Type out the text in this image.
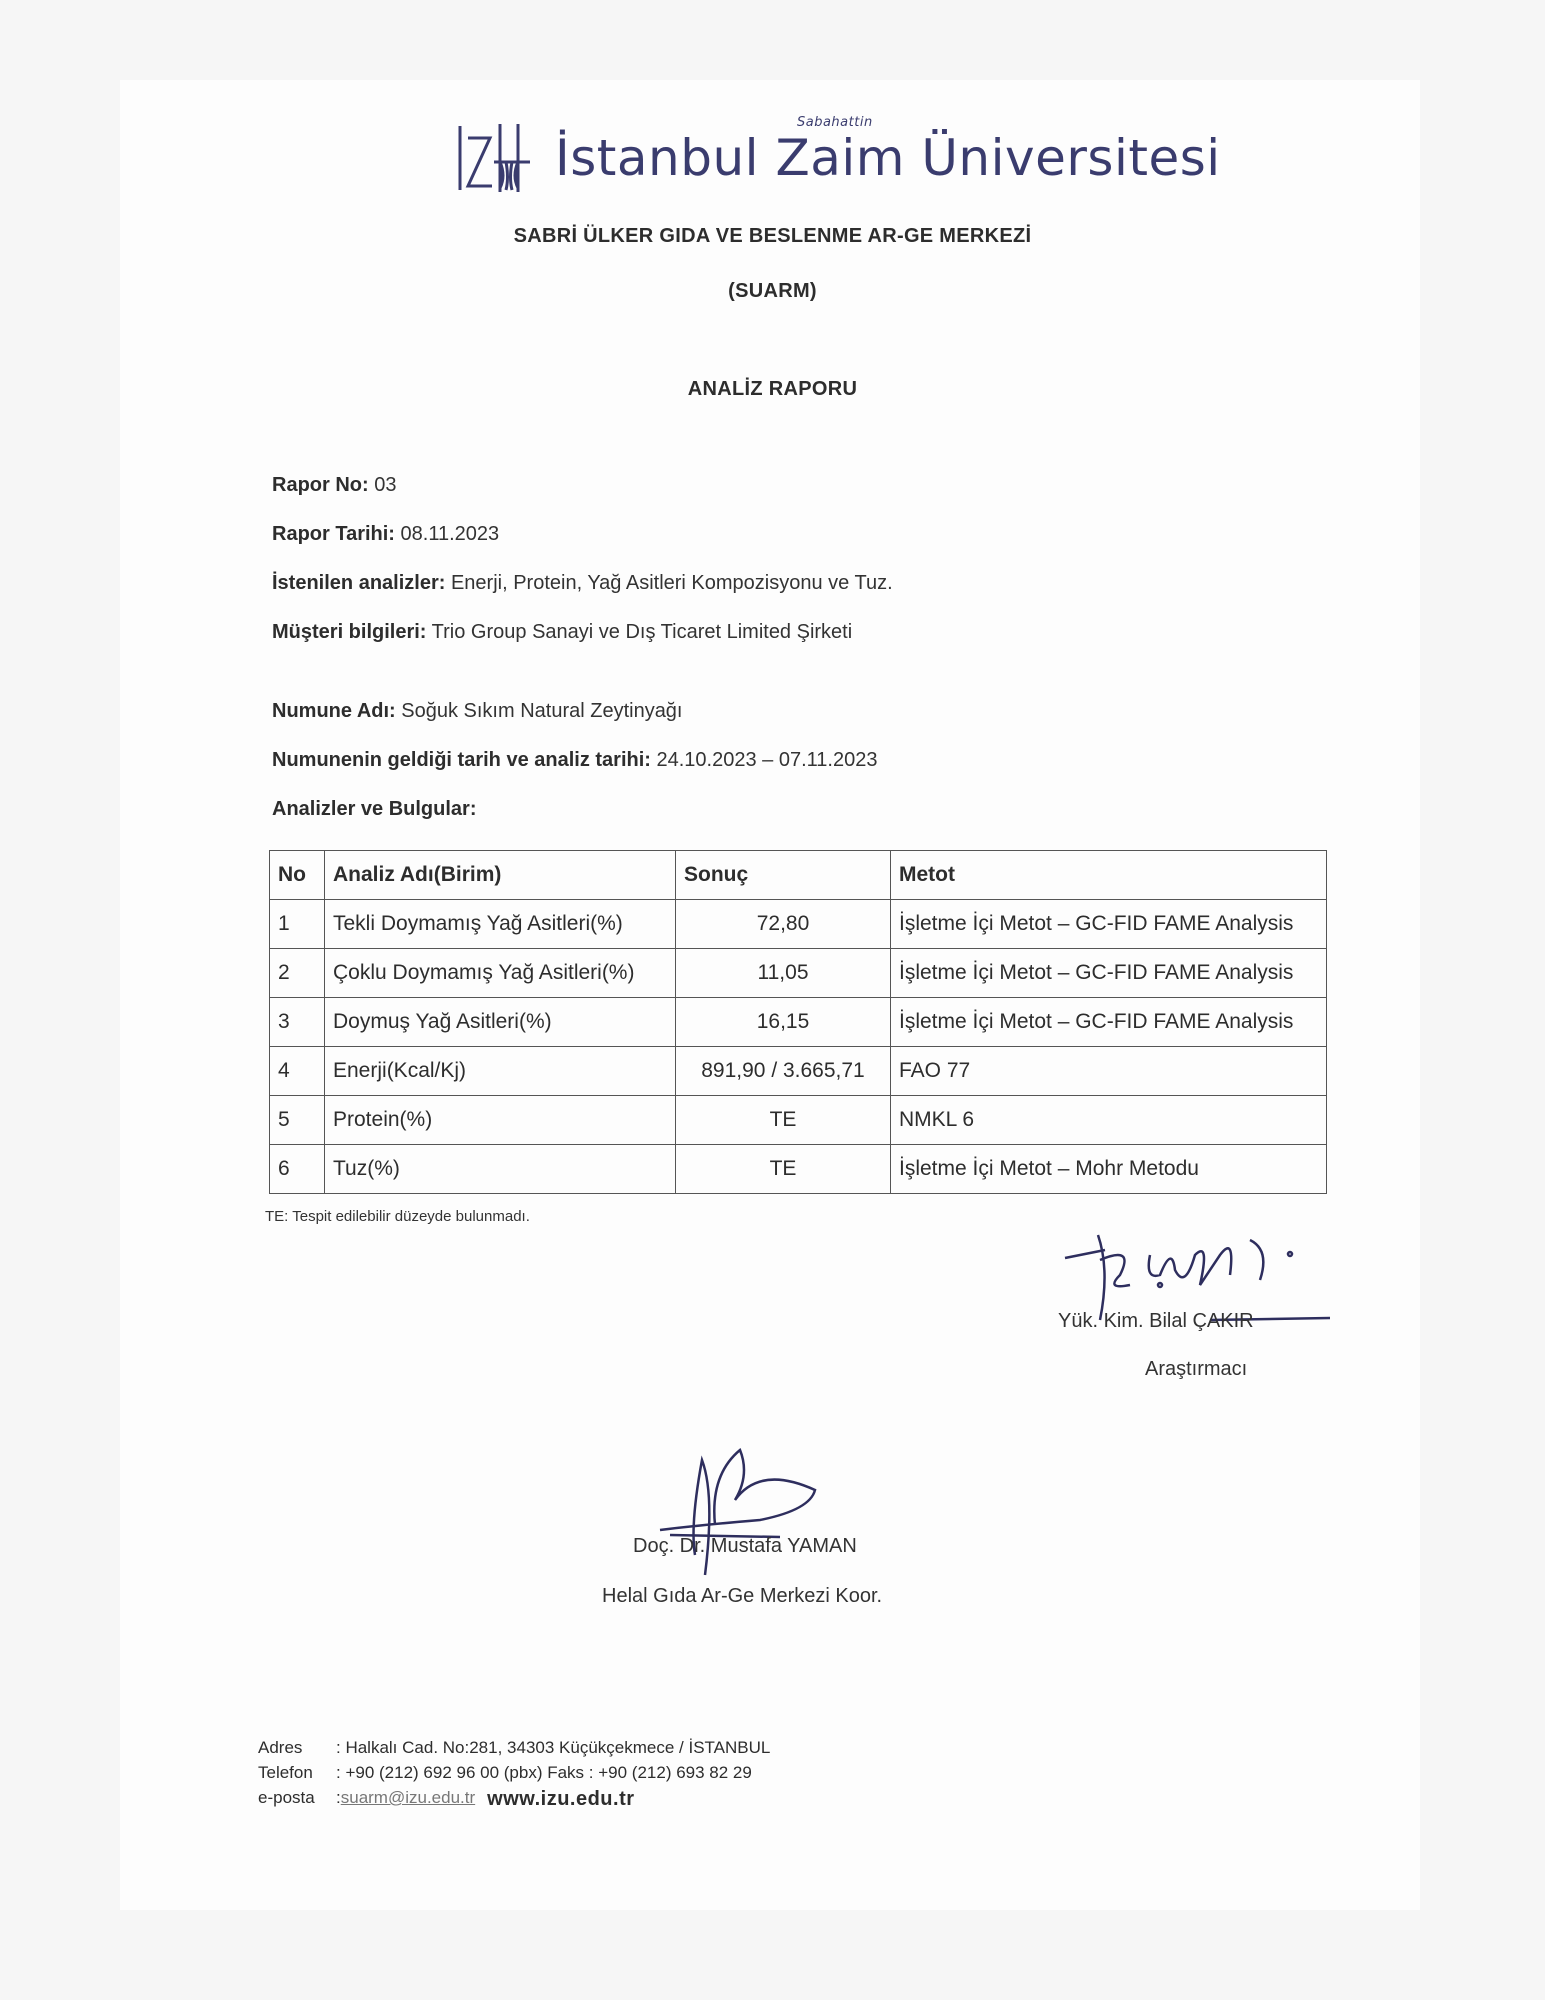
İstanbul Zaim Üniversitesi
Sabahattin
SABRİ ÜLKER GIDA VE BESLENME AR-GE MERKEZİ
(SUARM)
ANALİZ RAPORU
Rapor No: 03
Rapor Tarihi: 08.11.2023
İstenilen analizler: Enerji, Protein, Yağ Asitleri Kompozisyonu ve Tuz.
Müşteri bilgileri: Trio Group Sanayi ve Dış Ticaret Limited Şirketi
Numune Adı: Soğuk Sıkım Natural Zeytinyağı
Numunenin geldiği tarih ve analiz tarihi: 24.10.2023 – 07.11.2023
Analizler ve Bulgular:
No	Analiz Adı(Birim)	Sonuç	Metot
1	Tekli Doymamış Yağ Asitleri(%)	72,80	İşletme İçi Metot – GC-FID FAME Analysis
2	Çoklu Doymamış Yağ Asitleri(%)	11,05	İşletme İçi Metot – GC-FID FAME Analysis
3	Doymuş Yağ Asitleri(%)	16,15	İşletme İçi Metot – GC-FID FAME Analysis
4	Enerji(Kcal/Kj)	891,90 / 3.665,71	FAO 77
5	Protein(%)	TE	NMKL 6
6	Tuz(%)	TE	İşletme İçi Metot – Mohr Metodu
TE: Tespit edilebilir düzeyde bulunmadı.
Yük. Kim. Bilal ÇAKIR
Araştırmacı
Doç. Dr. Mustafa YAMAN
Helal Gıda Ar-Ge Merkezi Koor.
Adres	: Halkalı Cad. No:281, 34303 Küçükçekmece / İSTANBUL
Telefon	: +90 (212) 692 96 00 (pbx) Faks : +90 (212) 693 82 29
e-posta	: suarm@izu.edu.tr www.izu.edu.tr
